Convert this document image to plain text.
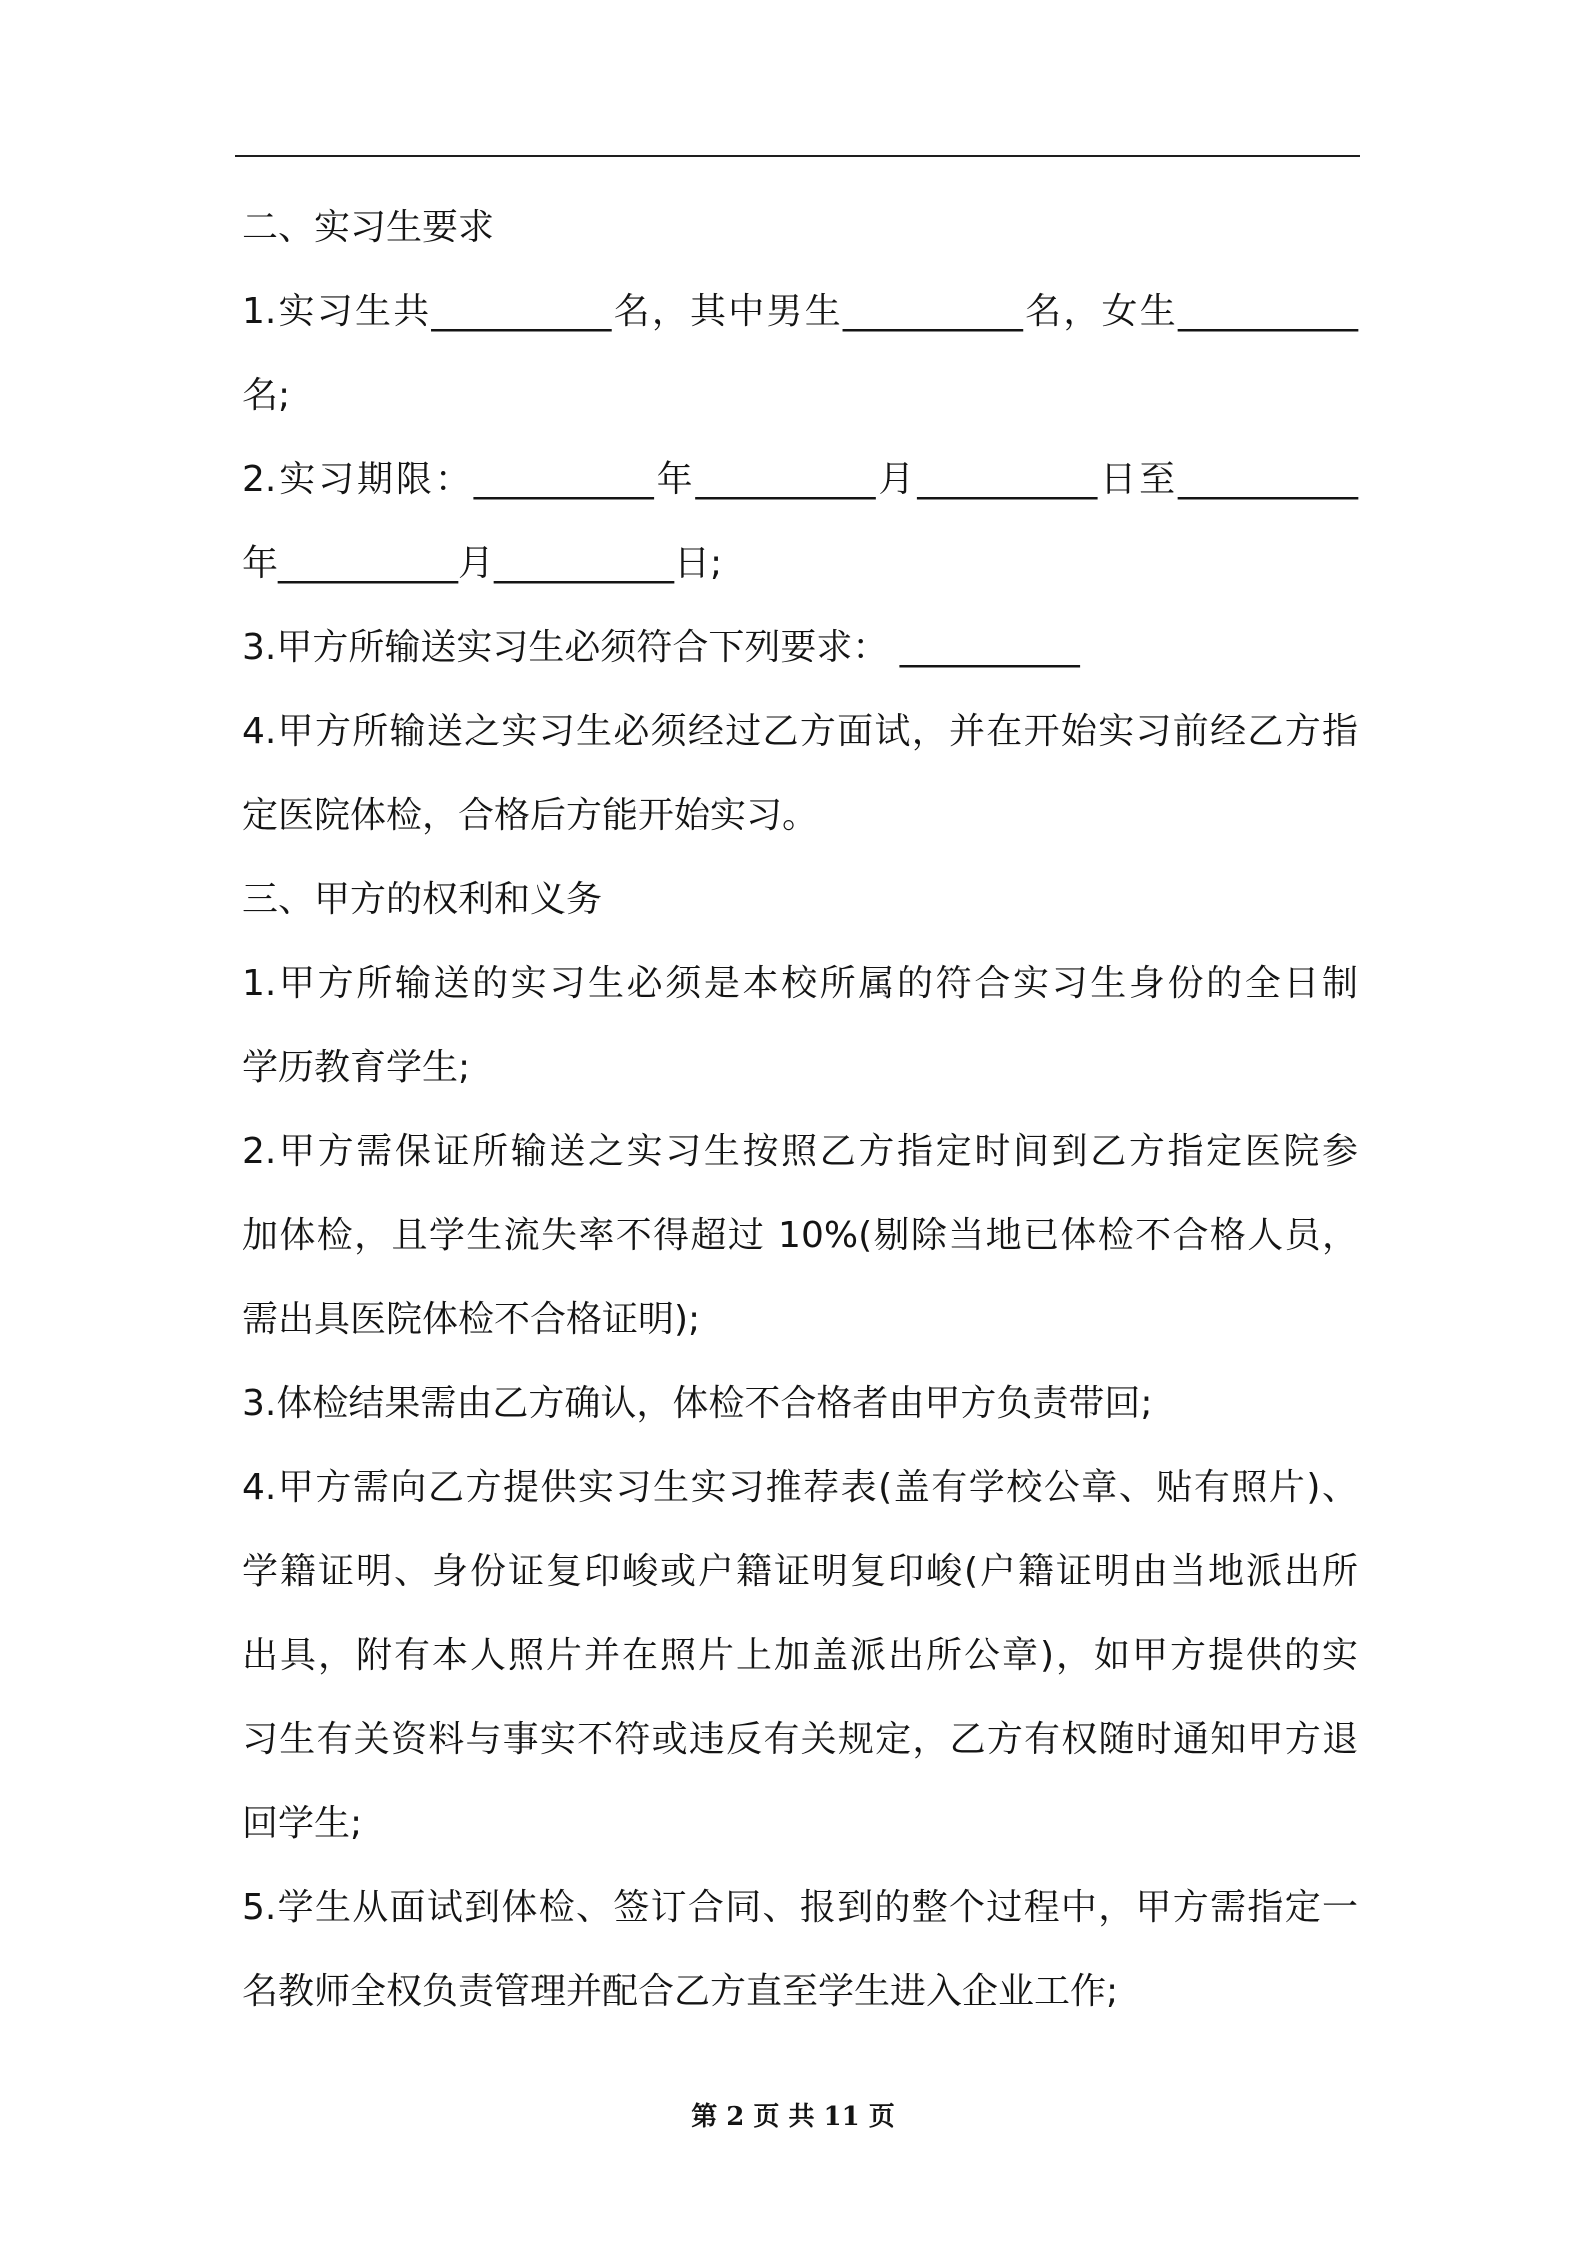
二、实习生要求
1.实习生共__________名，其中男生__________名，女生__________
名;
2.实习期限：__________年__________月__________日至__________
年__________月__________日;
3.甲方所输送实习生必须符合下列要求： __________
4.甲方所输送之实习生必须经过乙方面试，并在开始实习前经乙方指
定医院体检，合格后方能开始实习。
三、甲方的权利和义务
1.甲方所输送的实习生必须是本校所属的符合实习生身份的全日制
学历教育学生;
2.甲方需保证所输送之实习生按照乙方指定时间到乙方指定医院参
加体检，且学生流失率不得超过 10%(剔除当地已体检不合格人员，
需出具医院体检不合格证明);
3.体检结果需由乙方确认，体检不合格者由甲方负责带回;
4.甲方需向乙方提供实习生实习推荐表(盖有学校公章、贴有照片)、
学籍证明、身份证复印峻或户籍证明复印峻(户籍证明由当地派出所
出具，附有本人照片并在照片上加盖派出所公章)，如甲方提供的实
习生有关资料与事实不符或违反有关规定，乙方有权随时通知甲方退
回学生;
5.学生从面试到体检、签订合同、报到的整个过程中，甲方需指定一
名教师全权负责管理并配合乙方直至学生进入企业工作;
第 2 页 共 11 页
